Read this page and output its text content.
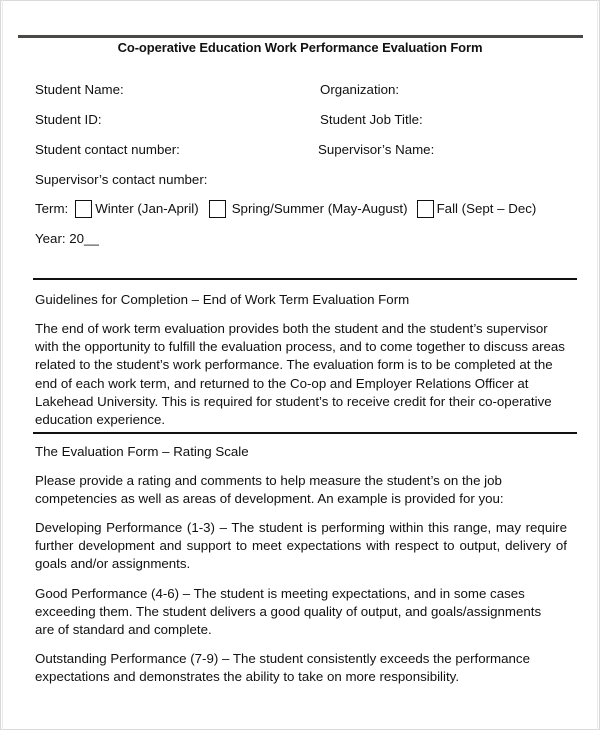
Co-operative Education Work Performance Evaluation Form
Student Name:
Student ID:
Student contact number:
Supervisor’s contact number:
Organization:
Student Job Title:
Supervisor’s Name:
Term: Winter (Jan-April) Spring/Summer (May-August) Fall (Sept – Dec)
Year: 20__
Guidelines for Completion – End of Work Term Evaluation Form
The end of work term evaluation provides both the student and the student’s supervisor with the opportunity to fulfill the evaluation process, and to come together to discuss areas related to the student’s work performance. The evaluation form is to be completed at the end of each work term, and returned to the Co-op and Employer Relations Officer at Lakehead University. This is required for student’s to receive credit for their co-operative education experience.
The Evaluation Form – Rating Scale
Please provide a rating and comments to help measure the student’s on the job competencies as well as areas of development. An example is provided for you:
Developing Performance (1-3) – The student is performing within this range, may require further development and support to meet expectations with respect to output, delivery of goals and/or assignments.
Good Performance (4-6) – The student is meeting expectations, and in some cases exceeding them. The student delivers a good quality of output, and goals/assignments are of standard and complete.
Outstanding Performance (7-9) – The student consistently exceeds the performance expectations and demonstrates the ability to take on more responsibility.
